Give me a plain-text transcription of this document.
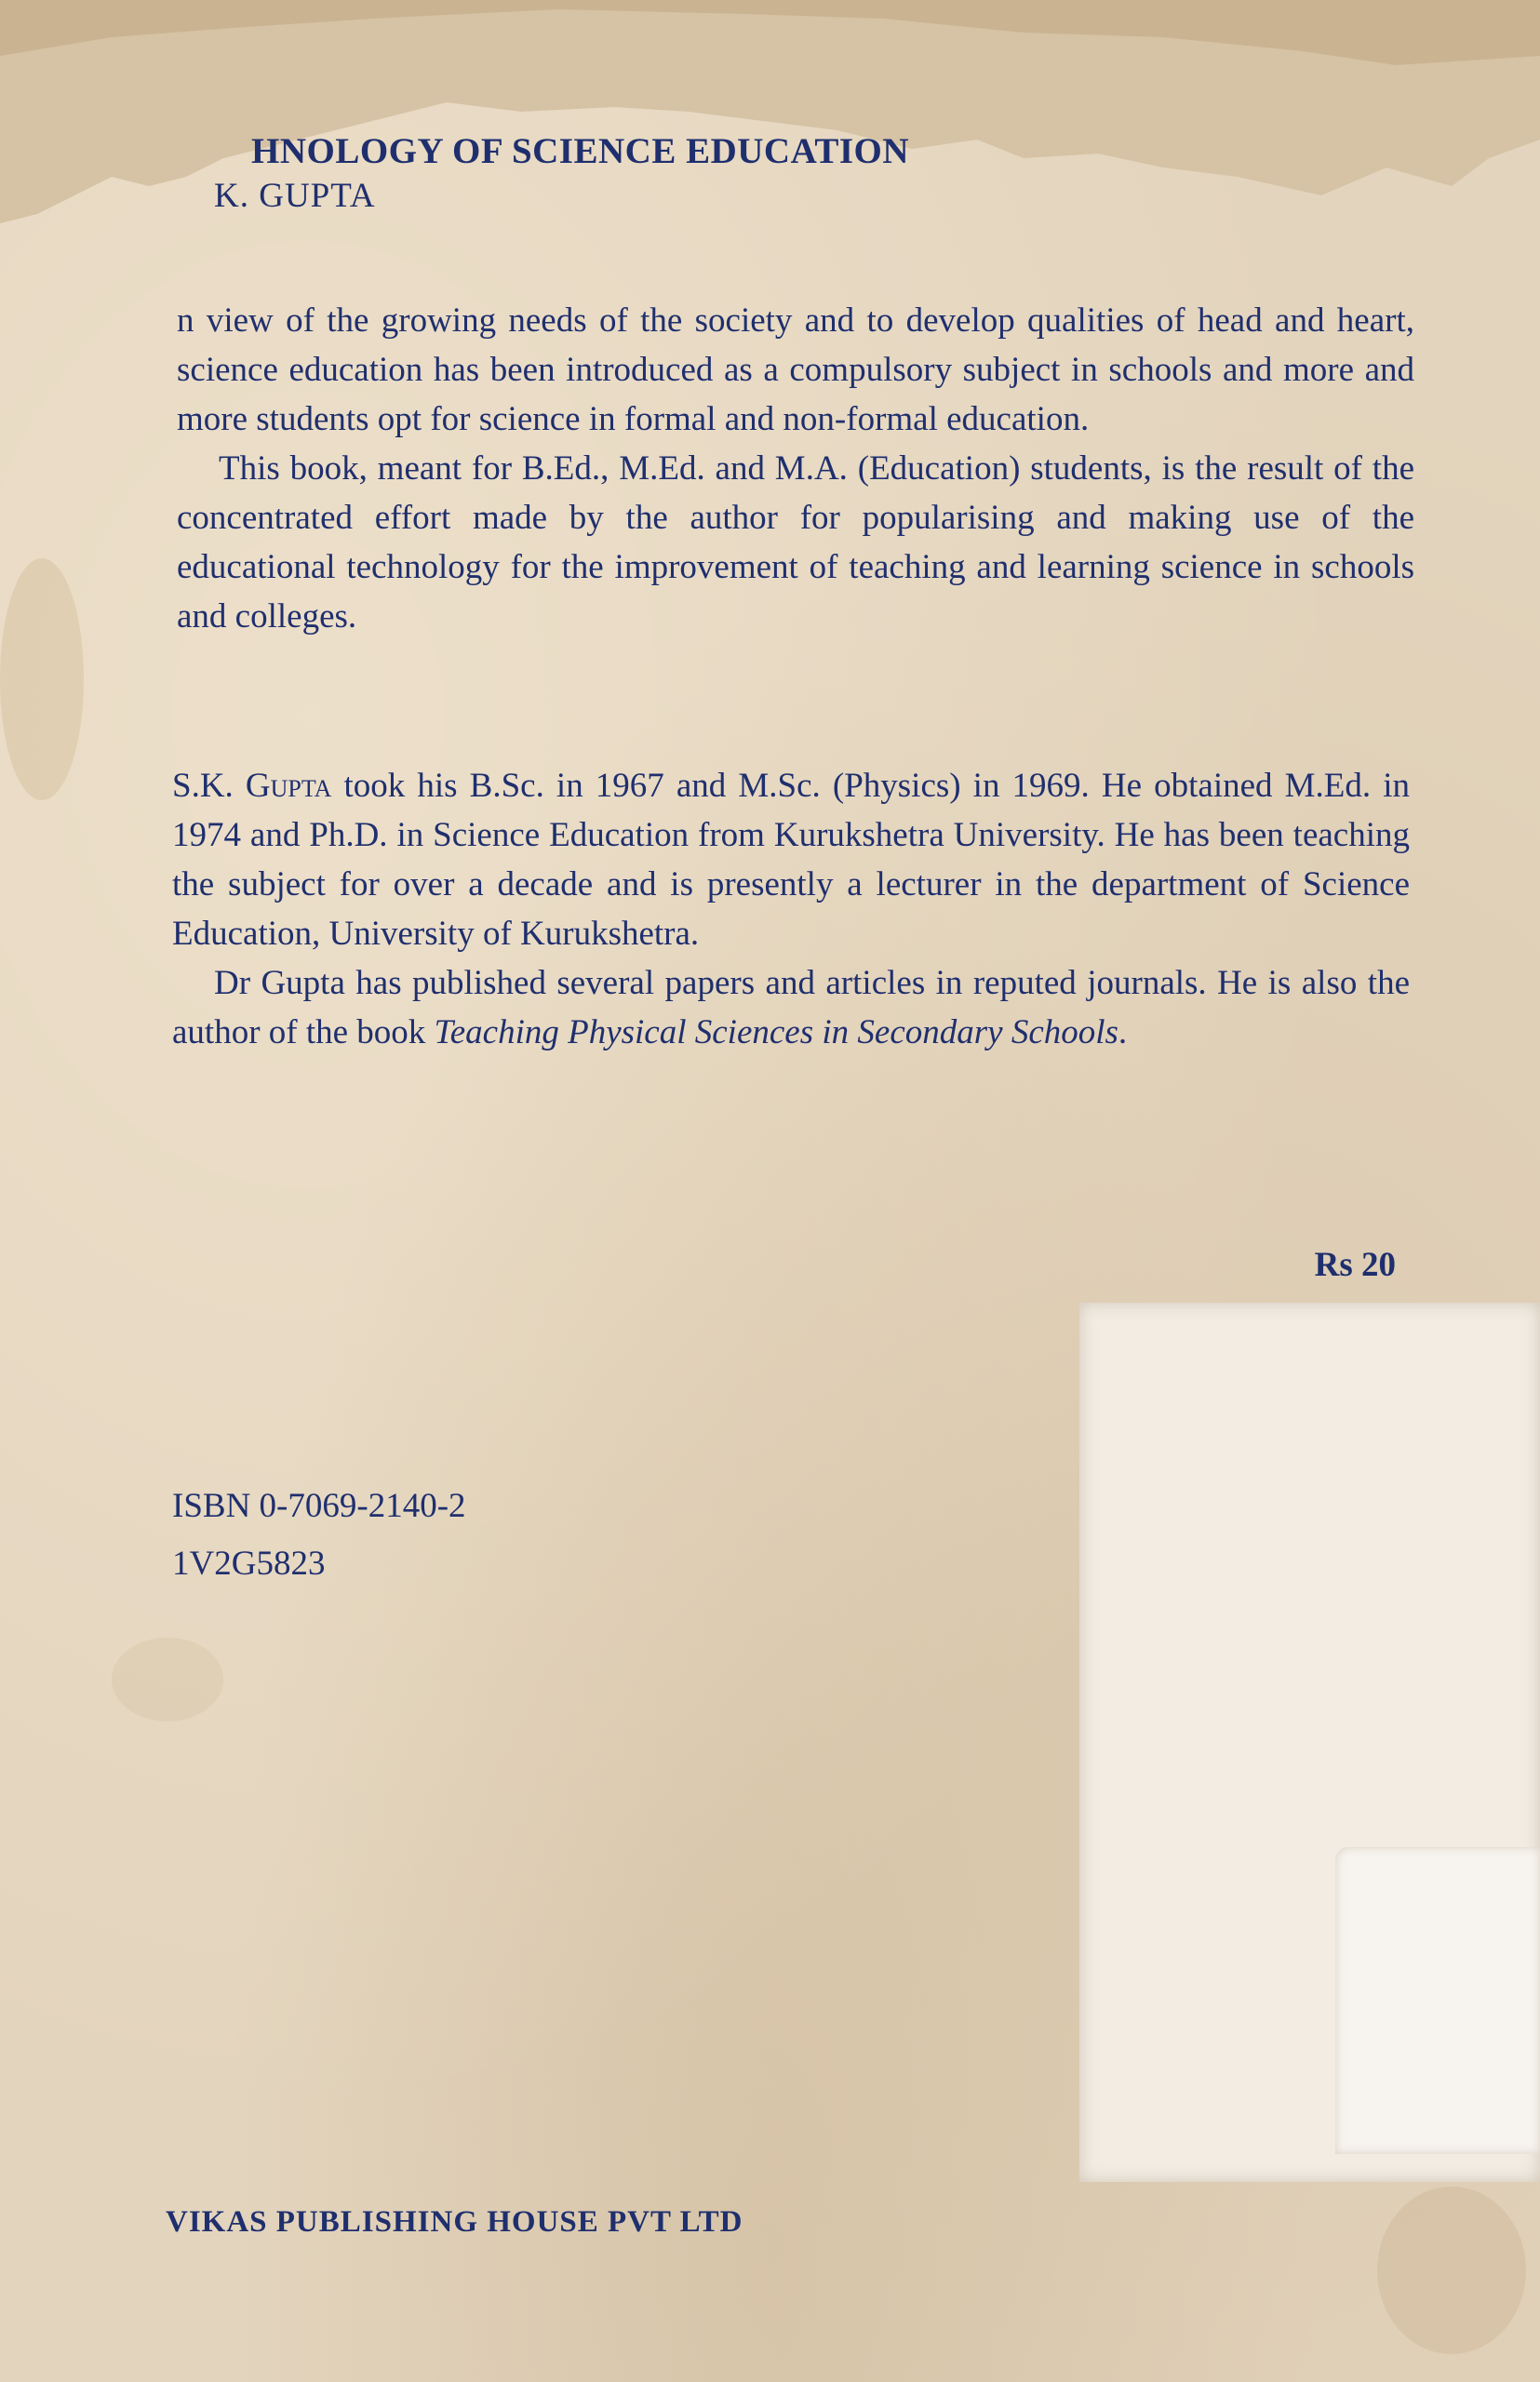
HNOLOGY OF SCIENCE EDUCATION
K. GUPTA

n view of the growing needs of the society and to develop qualities of head and heart, science education has been introduced as a compulsory subject in schools and more and more students opt for science in formal and non-formal education.

This book, meant for B.Ed., M.Ed. and M.A. (Education) students, is the result of the concentrated effort made by the author for popularising and making use of the educational technology for the improvement of teaching and learning science in schools and colleges.

S.K. Gupta took his B.Sc. in 1967 and M.Sc. (Physics) in 1969. He obtained M.Ed. in 1974 and Ph.D. in Science Education from Kurukshetra University. He has been teaching the subject for over a decade and is presently a lecturer in the department of Science Education, University of Kurukshetra.

Dr Gupta has published several papers and articles in reputed journals. He is also the author of the book Teaching Physical Sciences in Secondary Schools.

Rs 20
ISBN 0-7069-2140-2
1V2G5823
VIKAS PUBLISHING HOUSE PVT LTD
